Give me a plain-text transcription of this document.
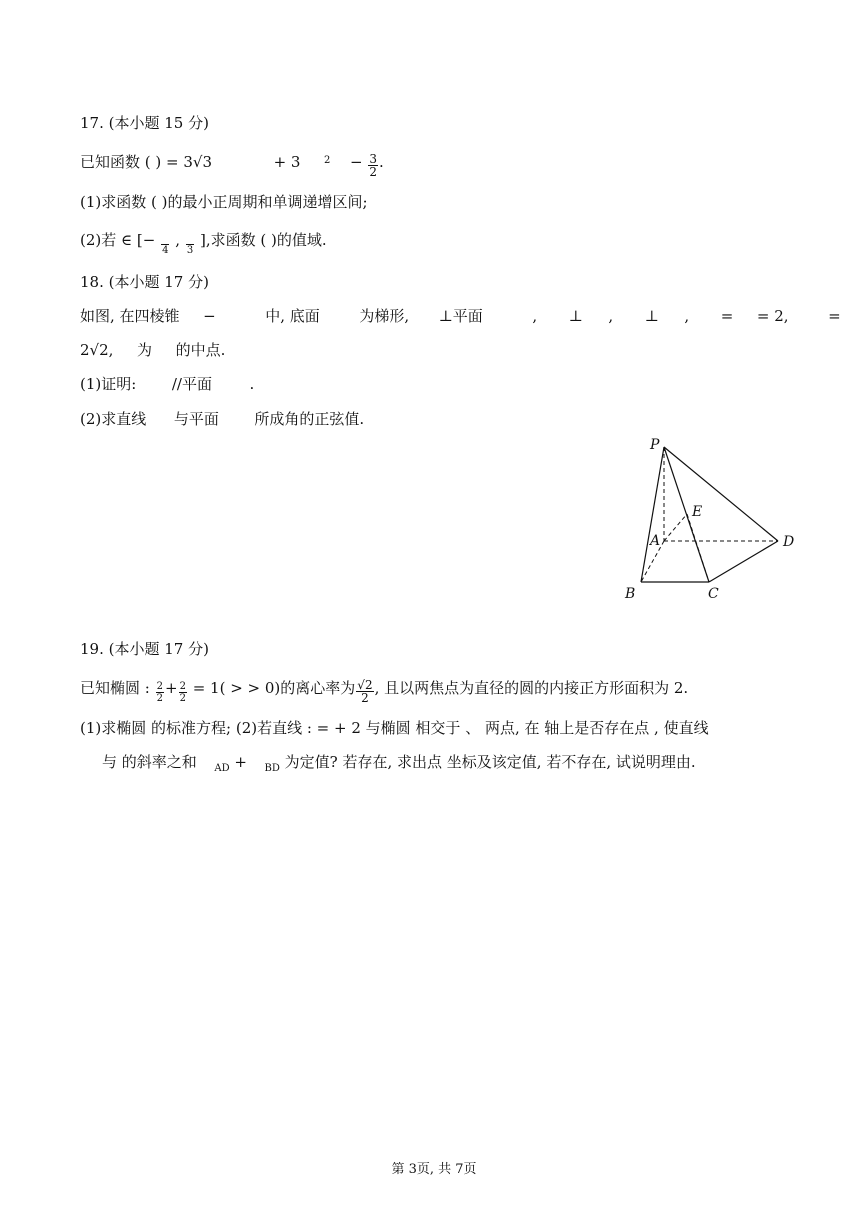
17. (本小题 15 分)
已知函数 ( ) = 3√3	+ 3 $^2 - \frac{3}{2}$ .
(1)求函数 ( )的最小正周期和单调递增区间;
(2)若 ∈ [−

4
,

3
],求函数 ( )的值域.
18. (本小题 17 分)
如图, 在四棱锥 −	中, 底面	为梯形, ⊥平面	, ⊥ , ⊥ , = = 2,	=
2√2, 为 的中点.
(1)证明: //平面	.
(2)求直线 与平面 所成角的正弦值.
P
E
A	D
B	C
19. (本小题 17 分)
已知椭圆 : $\frac{2}{2} + \frac{2}{2} = 1$( > > 0)的离心率为 $\frac{√2}{2}$ , 且以两焦点为直径的圆的内接正方形面积为 2.
(1)求椭圆 的标准方程; (2)若直线 : = + 2 与椭圆 相交于 、 两点, 在 轴上是否存在点 , 使直线
与 的斜率之和 $_{AD}$ + $_{BD}$ 为定值? 若存在, 求出点 坐标及该定值, 若不存在, 试说明理由.
第 3页, 共 7页
